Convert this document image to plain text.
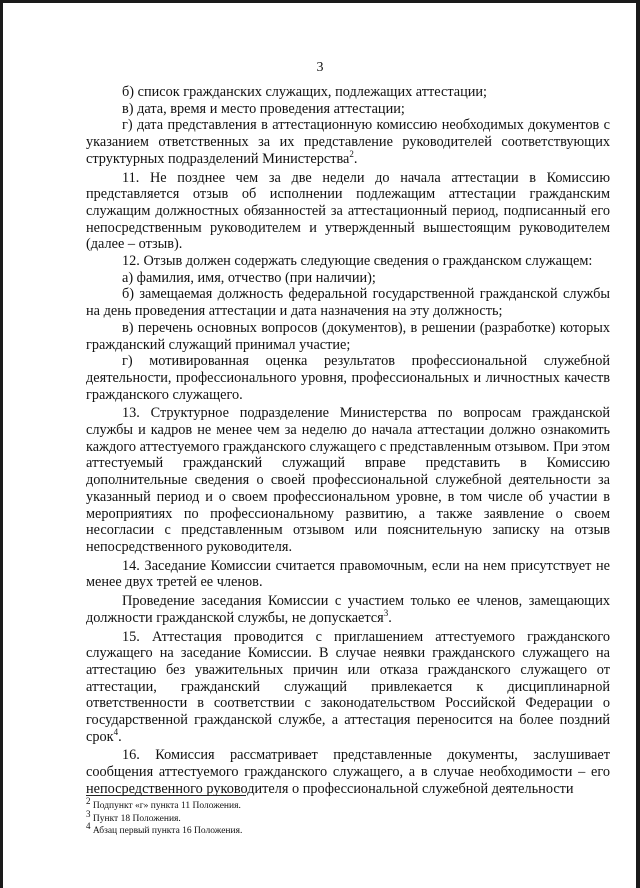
3

б) список гражданских служащих, подлежащих аттестации;

в) дата, время и место проведения аттестации;

г) дата представления в аттестационную комиссию необходимых документов с указанием ответственных за их представление руководителей соответствующих структурных подразделений Министерства$^2$.

11. Не позднее чем за две недели до начала аттестации в Комиссию представляется отзыв об исполнении подлежащим аттестации гражданским служащим должностных обязанностей за аттестационный период, подписанный его непосредственным руководителем и утвержденный вышестоящим руководителем (далее – отзыв).

12. Отзыв должен содержать следующие сведения о гражданском служащем:

а) фамилия, имя, отчество (при наличии);

б) замещаемая должность федеральной государственной гражданской службы на день проведения аттестации и дата назначения на эту должность;

в) перечень основных вопросов (документов), в решении (разработке) которых гражданский служащий принимал участие;

г) мотивированная оценка результатов профессиональной служебной деятельности, профессионального уровня, профессиональных и личностных качеств гражданского служащего.

13. Структурное подразделение Министерства по вопросам гражданской службы и кадров не менее чем за неделю до начала аттестации должно ознакомить каждого аттестуемого гражданского служащего с представленным отзывом. При этом аттестуемый гражданский служащий вправе представить в Комиссию дополнительные сведения о своей профессиональной служебной деятельности за указанный период и о своем профессиональном уровне, в том числе об участии в мероприятиях по профессиональному развитию, а также заявление о своем несогласии с представленным отзывом или пояснительную записку на отзыв непосредственного руководителя.

14. Заседание Комиссии считается правомочным, если на нем присутствует не менее двух третей ее членов.

Проведение заседания Комиссии с участием только ее членов, замещающих должности гражданской службы, не допускается$^3$.

15. Аттестация проводится с приглашением аттестуемого гражданского служащего на заседание Комиссии. В случае неявки гражданского служащего на аттестацию без уважительных причин или отказа гражданского служащего от аттестации, гражданский служащий привлекается к дисциплинарной ответственности в соответствии с законодательством Российской Федерации о государственной гражданской службе, а аттестация переносится на более поздний срок$^4$.

16. Комиссия рассматривает представленные документы, заслушивает сообщения аттестуемого гражданского служащего, а в случае необходимости – его непосредственного руководителя о профессиональной служебной деятельности

$^2$ Подпункт «г» пункта 11 Положения.
$^3$ Пункт 18 Положения.
$^4$ Абзац первый пункта 16 Положения.
